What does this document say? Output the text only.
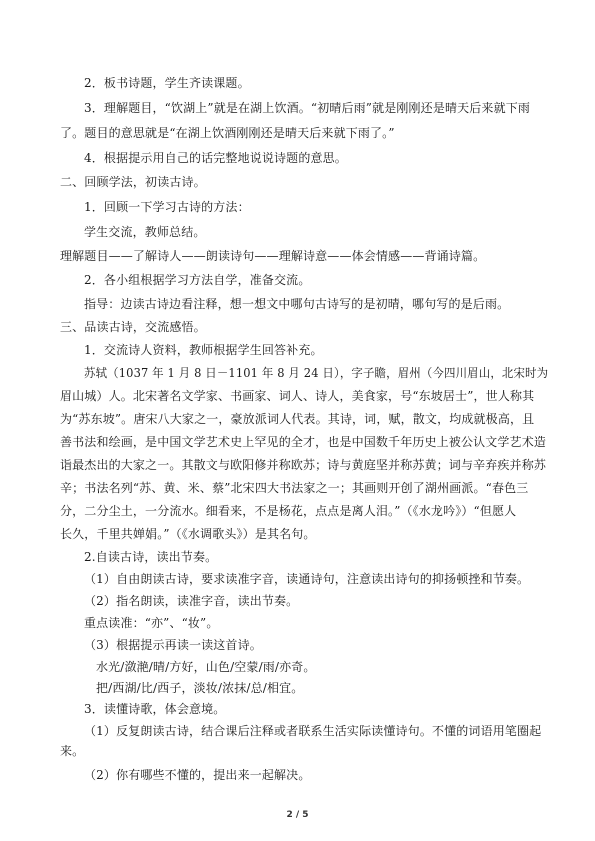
2．板书诗题，学生齐读课题。
3．理解题目，“饮湖上”就是在湖上饮酒。“初晴后雨”就是刚刚还是晴天后来就下雨
了。题目的意思就是“在湖上饮酒刚刚还是晴天后来就下雨了。”
4．根据提示用自己的话完整地说说诗题的意思。
二、回顾学法，初读古诗。
1．回顾一下学习古诗的方法：
学生交流，教师总结。
理解题目——了解诗人——朗读诗句——理解诗意——体会情感——背诵诗篇。
2．各小组根据学习方法自学，准备交流。
指导：边读古诗边看注释，想一想文中哪句古诗写的是初晴，哪句写的是后雨。
三、品读古诗，交流感悟。
1．交流诗人资料，教师根据学生回答补充。
苏轼（1037 年 1 月 8 日－1101 年 8 月 24 日），字子瞻，眉州（今四川眉山，北宋时为
眉山城）人。北宋著名文学家、书画家、词人、诗人，美食家，号“东坡居士”，世人称其
为“苏东坡”。唐宋八大家之一，豪放派词人代表。其诗，词，赋，散文，均成就极高，且
善书法和绘画，是中国文学艺术史上罕见的全才，也是中国数千年历史上被公认文学艺术造
诣最杰出的大家之一。其散文与欧阳修并称欧苏；诗与黄庭坚并称苏黄；词与辛弃疾并称苏
辛；书法名列“苏、黄、米、蔡”北宋四大书法家之一；其画则开创了湖州画派。“春色三
分，二分尘土，一分流水。细看来，不是杨花，点点是离人泪。”（《水龙吟》）“但愿人
长久，千里共婵娟。”（《水调歌头》）是其名句。
2.自读古诗，读出节奏。
（1）自由朗读古诗，要求读准字音，读通诗句，注意读出诗句的抑扬顿挫和节奏。
（2）指名朗读，读准字音，读出节奏。
重点读准：“亦”、“妆”。
（3）根据提示再读一读这首诗。
水光/潋滟/晴/方好，山色/空蒙/雨/亦奇。
把/西湖/比/西子，淡妆/浓抹/总/相宜。
3．读懂诗歌，体会意境。
（1）反复朗读古诗，结合课后注释或者联系生活实际读懂诗句。不懂的词语用笔圈起
来。
（2）你有哪些不懂的，提出来一起解决。
2 / 5
